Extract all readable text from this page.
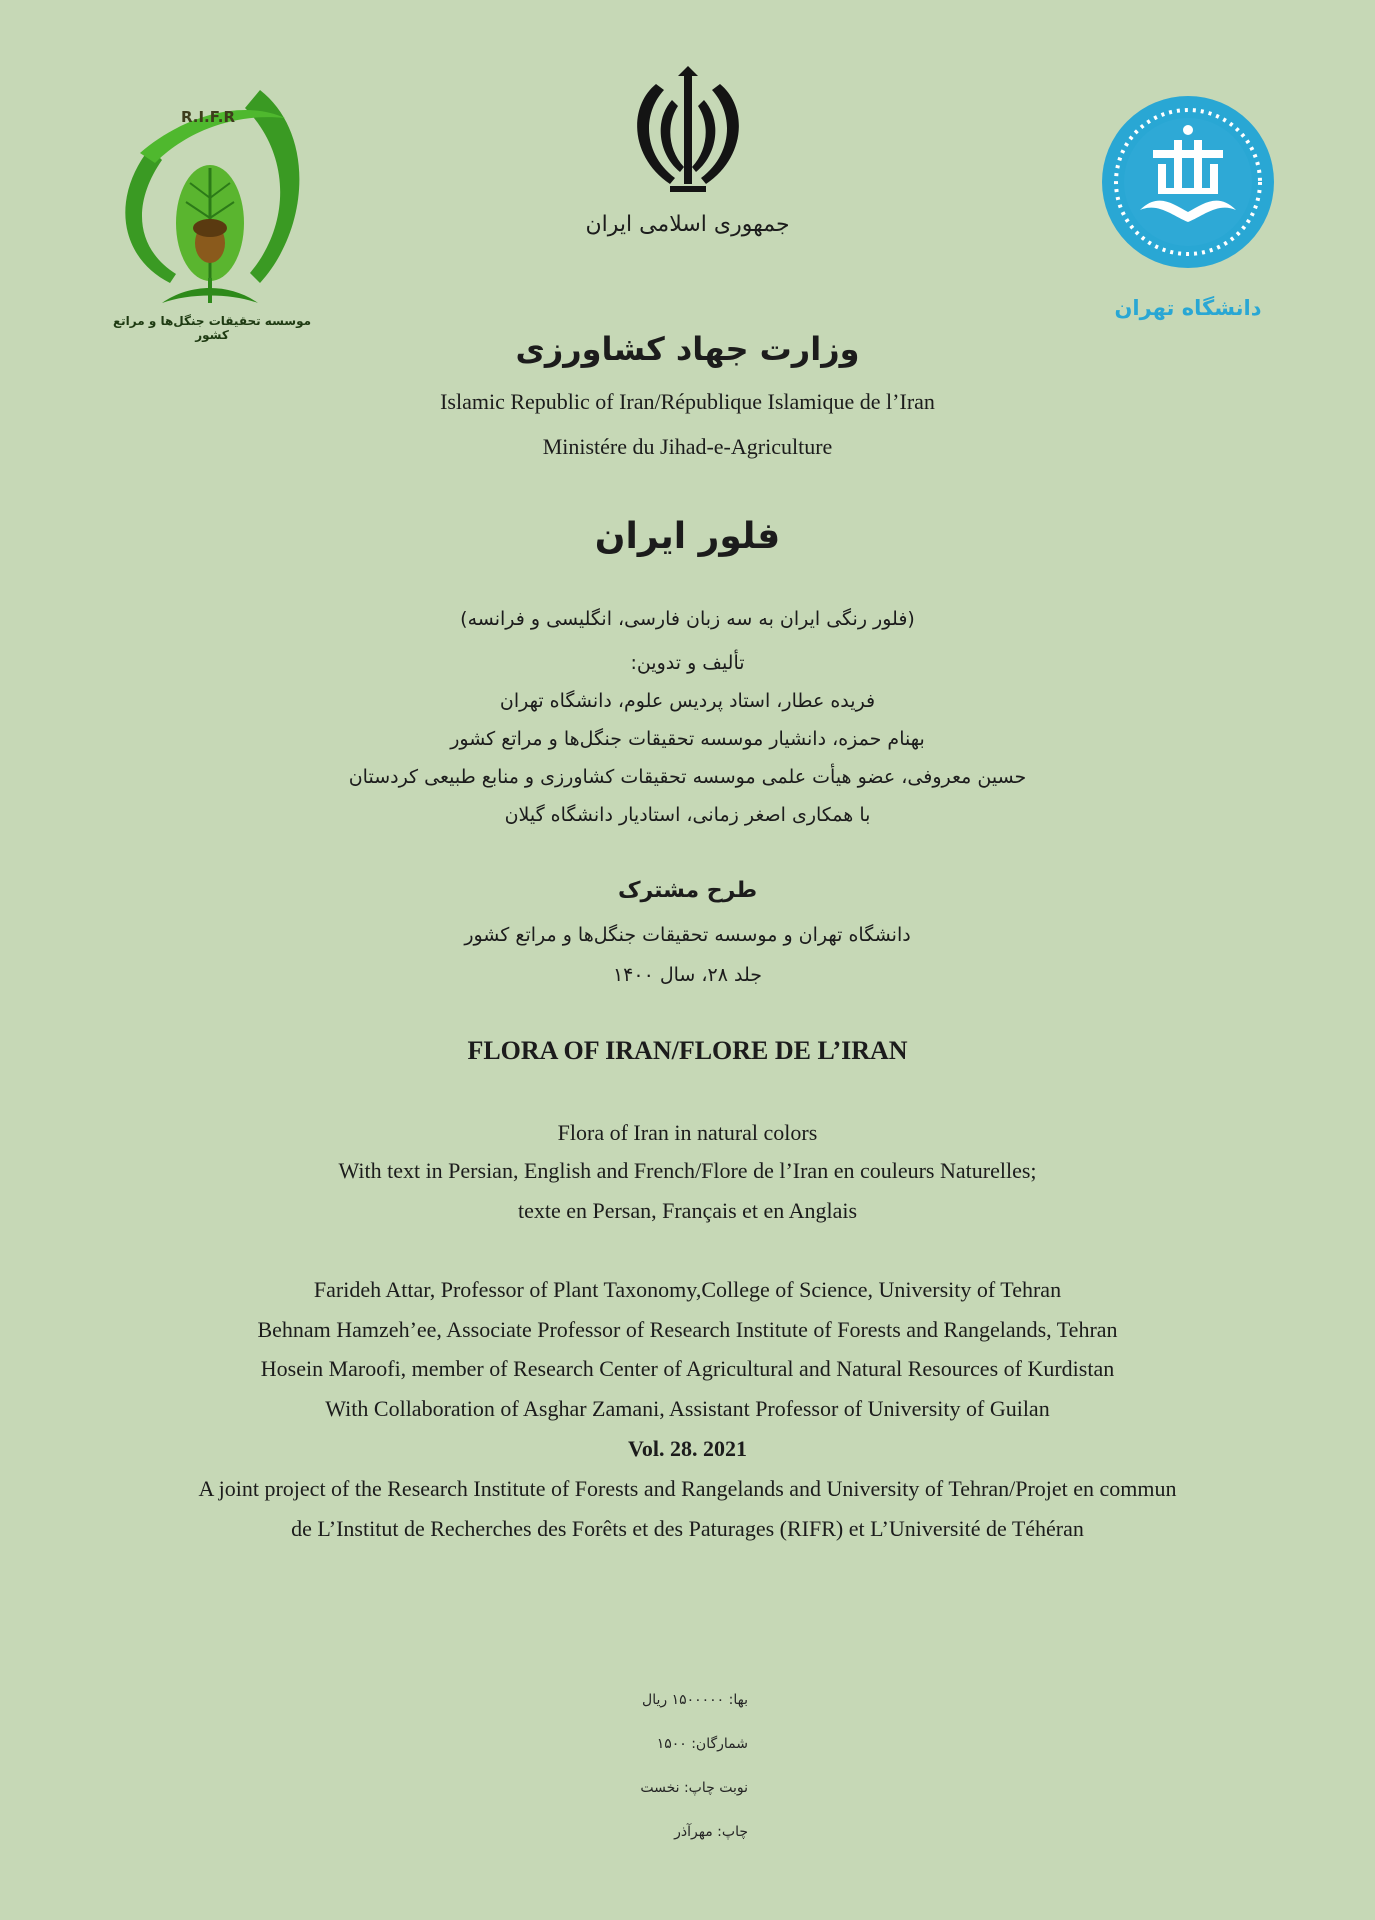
R.I.F.R
موسسه تحقیقات جنگل‌ها و مراتع کشور
جمهوری اسلامی ایران
دانشگاه تهران
وزارت جهاد کشاورزی
Islamic Republic of Iran/République Islamique de l’Iran
Ministére du Jihad-e-Agriculture
فلور ایران
(فلور رنگی ایران به سه زبان فارسی، انگلیسی و فرانسه)
تألیف و تدوین:
فریده عطار، استاد پردیس علوم، دانشگاه تهران
بهنام حمزه، دانشیار موسسه تحقیقات جنگل‌ها و مراتع کشور
حسین معروفی، عضو هیأت علمی موسسه تحقیقات کشاورزی و منابع طبیعی کردستان
با همکاری اصغر زمانی، استادیار دانشگاه گیلان
طرح مشترک
دانشگاه تهران و موسسه تحقیقات جنگل‌ها و مراتع کشور
جلد ۲۸، سال ۱۴۰۰
FLORA OF IRAN/FLORE DE L’IRAN
Flora of Iran in natural colors
With text in Persian, English and French/Flore de l’Iran en couleurs Naturelles;
texte en Persan, Français et en Anglais
Farideh Attar, Professor of Plant Taxonomy,College of Science, University of Tehran
Behnam Hamzeh’ee, Associate Professor of Research Institute of Forests and Rangelands, Tehran
Hosein Maroofi, member of Research Center of Agricultural and Natural Resources of Kurdistan
With Collaboration of Asghar Zamani, Assistant Professor of University of Guilan
Vol. 28. 2021
A joint project of the Research Institute of Forests and Rangelands and University of Tehran/Projet en commun
de L’Institut de Recherches des Forêts et des Paturages (RIFR) et L’Université de Téhéran
بها: ۱۵۰۰۰۰۰ ریال
شمارگان: ۱۵۰۰
نوبت چاپ: نخست
چاپ: مهرآذر
